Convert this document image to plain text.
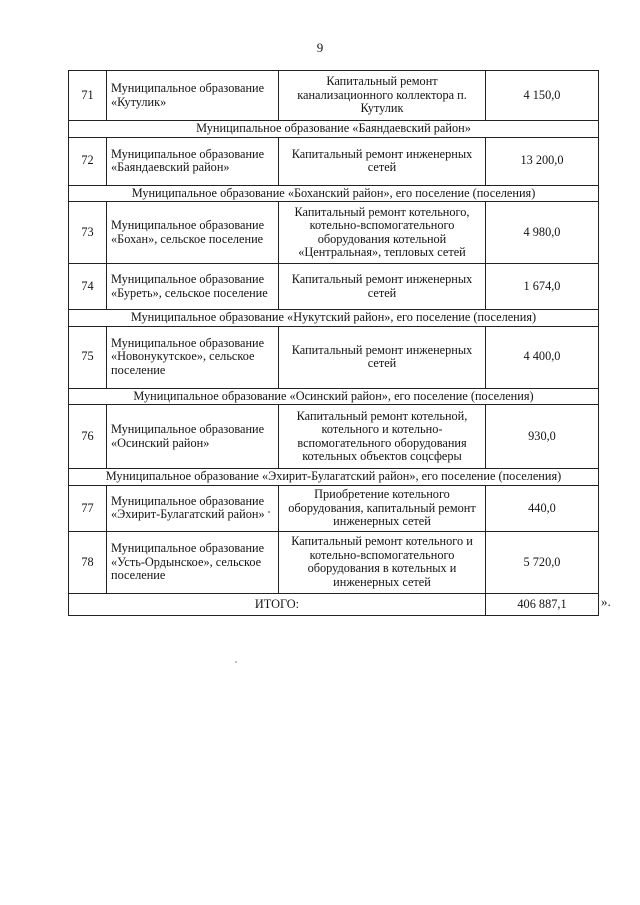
9
71	Муниципальное образование «Кутулик»	Капитальный ремонт канализационного коллектора п. Кутулик	4 150,0
Муниципальное образование «Баяндаевский район»			
72	Муниципальное образование «Баяндаевский район»	Капитальный ремонт инженерных сетей	13 200,0
Муниципальное образование «Боханский район», его поселение (поселения)			
73	Муниципальное образование «Бохан», сельское поселение	Капитальный ремонт котельного, котельно-вспомогательного оборудования котельной «Центральная», тепловых сетей	4 980,0
74	Муниципальное образование «Буреть», сельское поселение	Капитальный ремонт инженерных сетей	1 674,0
Муниципальное образование «Нукутский район», его поселение (поселения)			
75	Муниципальное образование «Новонукутское», сельское поселение	Капитальный ремонт инженерных сетей	4 400,0
Муниципальное образование «Осинский район», его поселение (поселения)			
76	Муниципальное образование «Осинский район»	Капитальный ремонт котельной, котельного и котельно-вспомогательного оборудования котельных объектов соцсферы	930,0
Муниципальное образование «Эхирит-Булагатский район», его поселение (поселения)			
77	Муниципальное образование «Эхирит-Булагатский район»	Приобретение котельного оборудования, капитальный ремонт инженерных сетей	440,0
78	Муниципальное образование «Усть-Ордынское», сельское поселение	Капитальный ремонт котельного и котельно-вспомогательного оборудования в котельных и инженерных сетей	5 720,0
ИТОГО:			406 887,1	».
